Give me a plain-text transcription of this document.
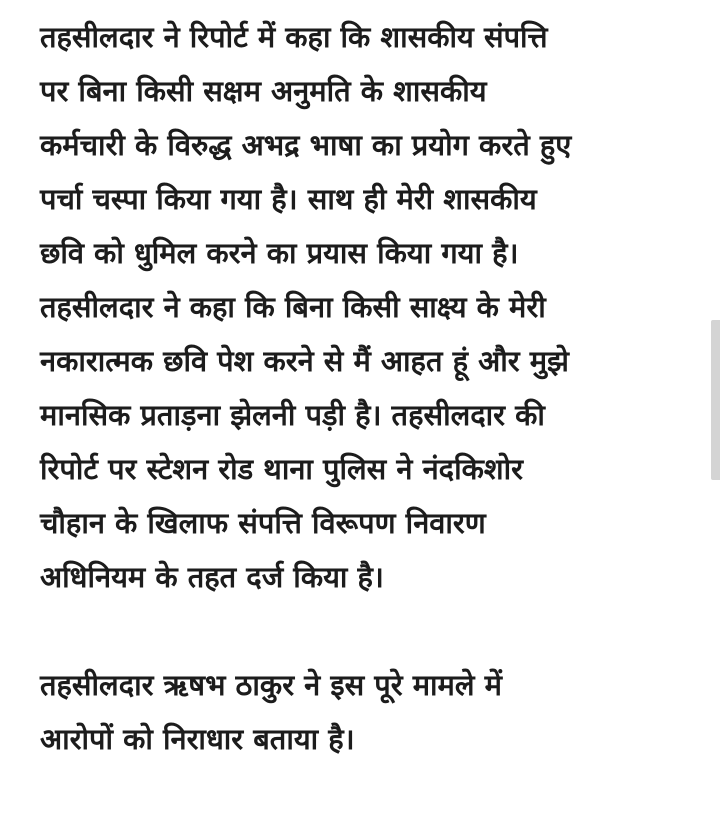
तहसीलदार ने रिपोर्ट में कहा कि शासकीय संपत्ति
पर बिना किसी सक्षम अनुमति के शासकीय
कर्मचारी के विरुद्ध अभद्र भाषा का प्रयोग करते हुए
पर्चा चस्पा किया गया है। साथ ही मेरी शासकीय
छवि को धुमिल करने का प्रयास किया गया है।
तहसीलदार ने कहा कि बिना किसी साक्ष्य के मेरी
नकारात्मक छवि पेश करने से मैं आहत हूं और मुझे
मानसिक प्रताड़ना झेलनी पड़ी है। तहसीलदार की
रिपोर्ट पर स्टेशन रोड थाना पुलिस ने नंदकिशोर
चौहान के खिलाफ संपत्ति विरूपण निवारण
अधिनियम के तहत दर्ज किया है।

तहसीलदार ऋषभ ठाकुर ने इस पूरे मामले में
आरोपों को निराधार बताया है।
